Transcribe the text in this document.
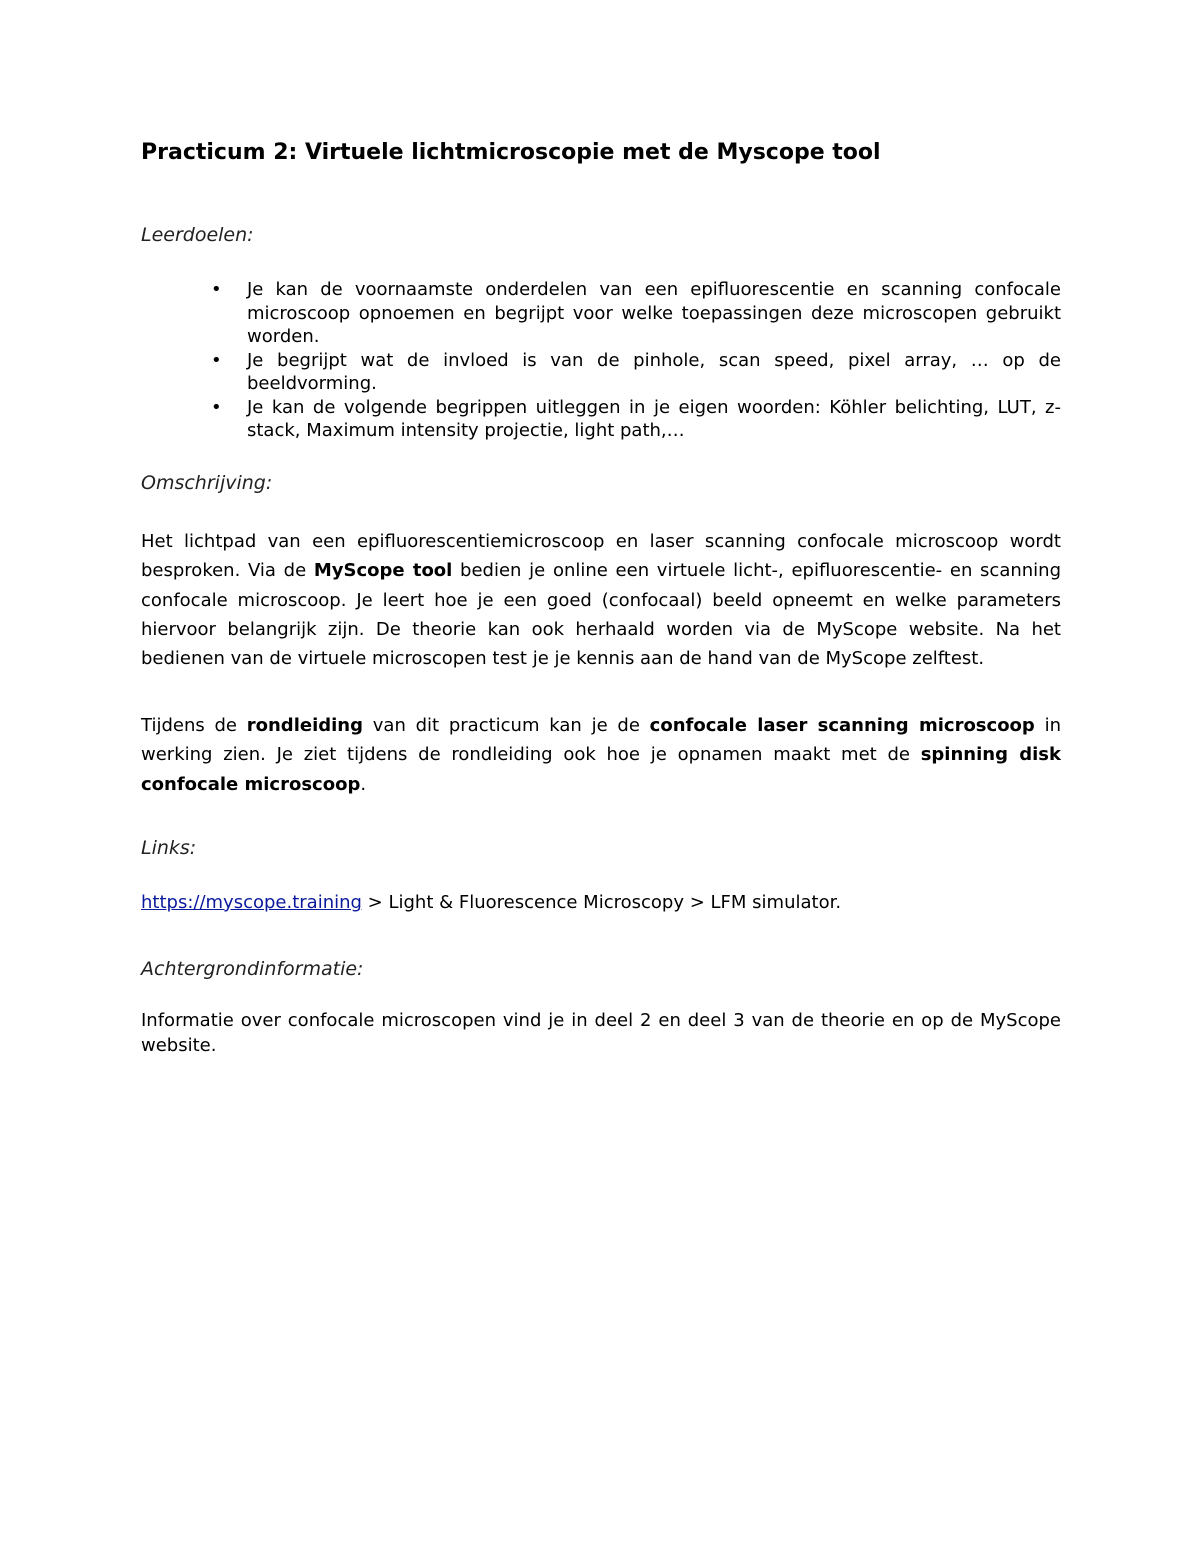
Practicum 2: Virtuele lichtmicroscopie met de Myscope tool
Leerdoelen:
• Je kan de voornaamste onderdelen van een epifluorescentie en scanning confocale microscoop opnoemen en begrijpt voor welke toepassingen deze microscopen gebruikt worden.
• Je begrijpt wat de invloed is van de pinhole, scan speed, pixel array, … op de beeldvorming.
• Je kan de volgende begrippen uitleggen in je eigen woorden: Köhler belichting, LUT, z-stack, Maximum intensity projectie, light path,…
Omschrijving:

Het lichtpad van een epifluorescentiemicroscoop en laser scanning confocale microscoop wordt besproken. Via de MyScope tool bedien je online een virtuele licht-, epifluorescentie- en scanning confocale microscoop. Je leert hoe je een goed (confocaal) beeld opneemt en welke parameters hiervoor belangrijk zijn. De theorie kan ook herhaald worden via de MyScope website. Na het bedienen van de virtuele microscopen test je je kennis aan de hand van de MyScope zelftest.

Tijdens de rondleiding van dit practicum kan je de confocale laser scanning microscoop in werking zien. Je ziet tijdens de rondleiding ook hoe je opnamen maakt met de spinning disk confocale microscoop.

Links:
https://myscope.training > Light & Fluorescence Microscopy > LFM simulator.
Achtergrondinformatie:

Informatie over confocale microscopen vind je in deel 2 en deel 3 van de theorie en op de MyScope website.
